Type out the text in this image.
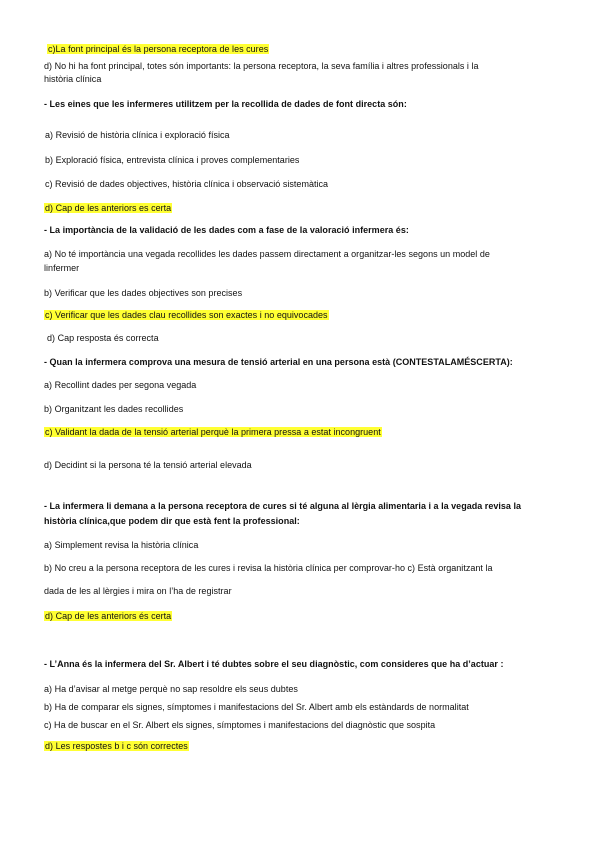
c)La font principal és la persona receptora de les cures

d) No hi ha font principal, totes són importants: la persona receptora, la seva família i altres professionals i la

història clínica

- Les eines que les infermeres utilitzem per la recollida de dades de font directa són:

a) Revisió de història clínica i exploració física

b) Exploració física, entrevista clínica i proves complementaries

c) Revisió de dades objectives, història clínica i observació sistemàtica

d) Cap de les anteriors es certa

- La importància de la validació de les dades com a fase de la valoració infermera és:

a) No té importància una vegada recollides les dades passem directament a organitzar-les segons un model de

linfermer

b) Verificar que les dades objectives son precises

c) Verificar que les dades clau recollides son exactes i no equivocades

d) Cap resposta és correcta

- Quan la infermera comprova una mesura de tensió arterial en una persona està (CONTESTALAMÉSCERTA):

a) Recollint dades per segona vegada

b) Organitzant les dades recollides

c) Validant la dada de la tensió arterial perquè la primera pressa a estat incongruent

d) Decidint si la persona té la tensió arterial elevada

- La infermera li demana a la persona receptora de cures si té alguna al lèrgia alimentaria i a la vegada revisa la

història clínica,que podem dir que està fent la professional:

a) Simplement revisa la història clínica

b) No creu a la persona receptora de les cures i revisa la història clínica per comprovar-ho c) Està organitzant la

dada de les al lèrgies i mira on l’ha de registrar

d) Cap de les anteriors és certa

- L’Anna és la infermera del Sr. Albert i té dubtes sobre el seu diagnòstic, com consideres que ha d’actuar :

a) Ha d’avisar al metge perquè no sap resoldre els seus dubtes

b) Ha de comparar els signes, símptomes i manifestacions del Sr. Albert amb els estàndards de normalitat

c) Ha de buscar en el Sr. Albert els signes, símptomes i manifestacions del diagnòstic que sospita

d) Les respostes b i c són correctes
